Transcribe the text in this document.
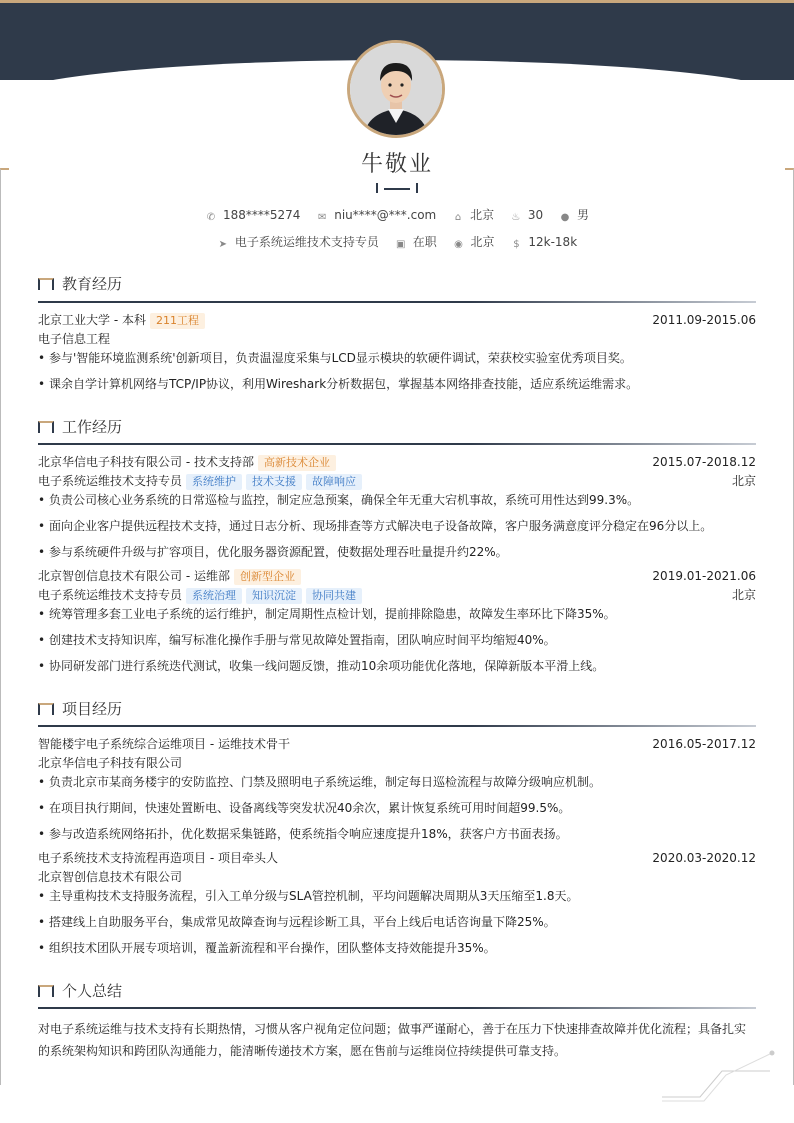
牛敬业
✆ 188****5274 ✉ niu****@***.com ⌂ 北京 ♨ 30 ● 男
➤ 电子系统运维技术支持专员 ▣ 在职 ◉ 北京 $ 12k-18k
教育经历
北京工业大学 - 本科 211工程	2011.09-2015.06
电子信息工程
• 参与'智能环境监测系统'创新项目，负责温湿度采集与LCD显示模块的软硬件调试，荣获校实验室优秀项目奖。
• 课余自学计算机网络与TCP/IP协议，利用Wireshark分析数据包，掌握基本网络排查技能，适应系统运维需求。
工作经历
北京华信电子科技有限公司 - 技术支持部 高新技术企业	2015.07-2018.12
电子系统运维技术支持专员 系统维护 技术支援 故障响应	北京
• 负责公司核心业务系统的日常巡检与监控，制定应急预案，确保全年无重大宕机事故，系统可用性达到99.3%。
• 面向企业客户提供远程技术支持，通过日志分析、现场排查等方式解决电子设备故障，客户服务满意度评分稳定在96分以上。
• 参与系统硬件升级与扩容项目，优化服务器资源配置，使数据处理吞吐量提升约22%。
北京智创信息技术有限公司 - 运维部 创新型企业	2019.01-2021.06
电子系统运维技术支持专员 系统治理 知识沉淀 协同共建	北京
• 统筹管理多套工业电子系统的运行维护，制定周期性点检计划，提前排除隐患，故障发生率环比下降35%。
• 创建技术支持知识库，编写标准化操作手册与常见故障处置指南，团队响应时间平均缩短40%。
• 协同研发部门进行系统迭代测试，收集一线问题反馈，推动10余项功能优化落地，保障新版本平滑上线。
项目经历
智能楼宇电子系统综合运维项目 - 运维技术骨干	2016.05-2017.12
北京华信电子科技有限公司
• 负责北京市某商务楼宇的安防监控、门禁及照明电子系统运维，制定每日巡检流程与故障分级响应机制。
• 在项目执行期间，快速处置断电、设备离线等突发状况40余次，累计恢复系统可用时间超99.5%。
• 参与改造系统网络拓扑，优化数据采集链路，使系统指令响应速度提升18%，获客户方书面表扬。
电子系统技术支持流程再造项目 - 项目牵头人	2020.03-2020.12
北京智创信息技术有限公司
• 主导重构技术支持服务流程，引入工单分级与SLA管控机制，平均问题解决周期从3天压缩至1.8天。
• 搭建线上自助服务平台，集成常见故障查询与远程诊断工具，平台上线后电话咨询量下降25%。
• 组织技术团队开展专项培训，覆盖新流程和平台操作，团队整体支持效能提升35%。
个人总结
对电子系统运维与技术支持有长期热情，习惯从客户视角定位问题；做事严谨耐心，善于在压力下快速排查故障并优化流程；具备扎实的系统架构知识和跨团队沟通能力，能清晰传递技术方案，愿在售前与运维岗位持续提供可靠支持。
